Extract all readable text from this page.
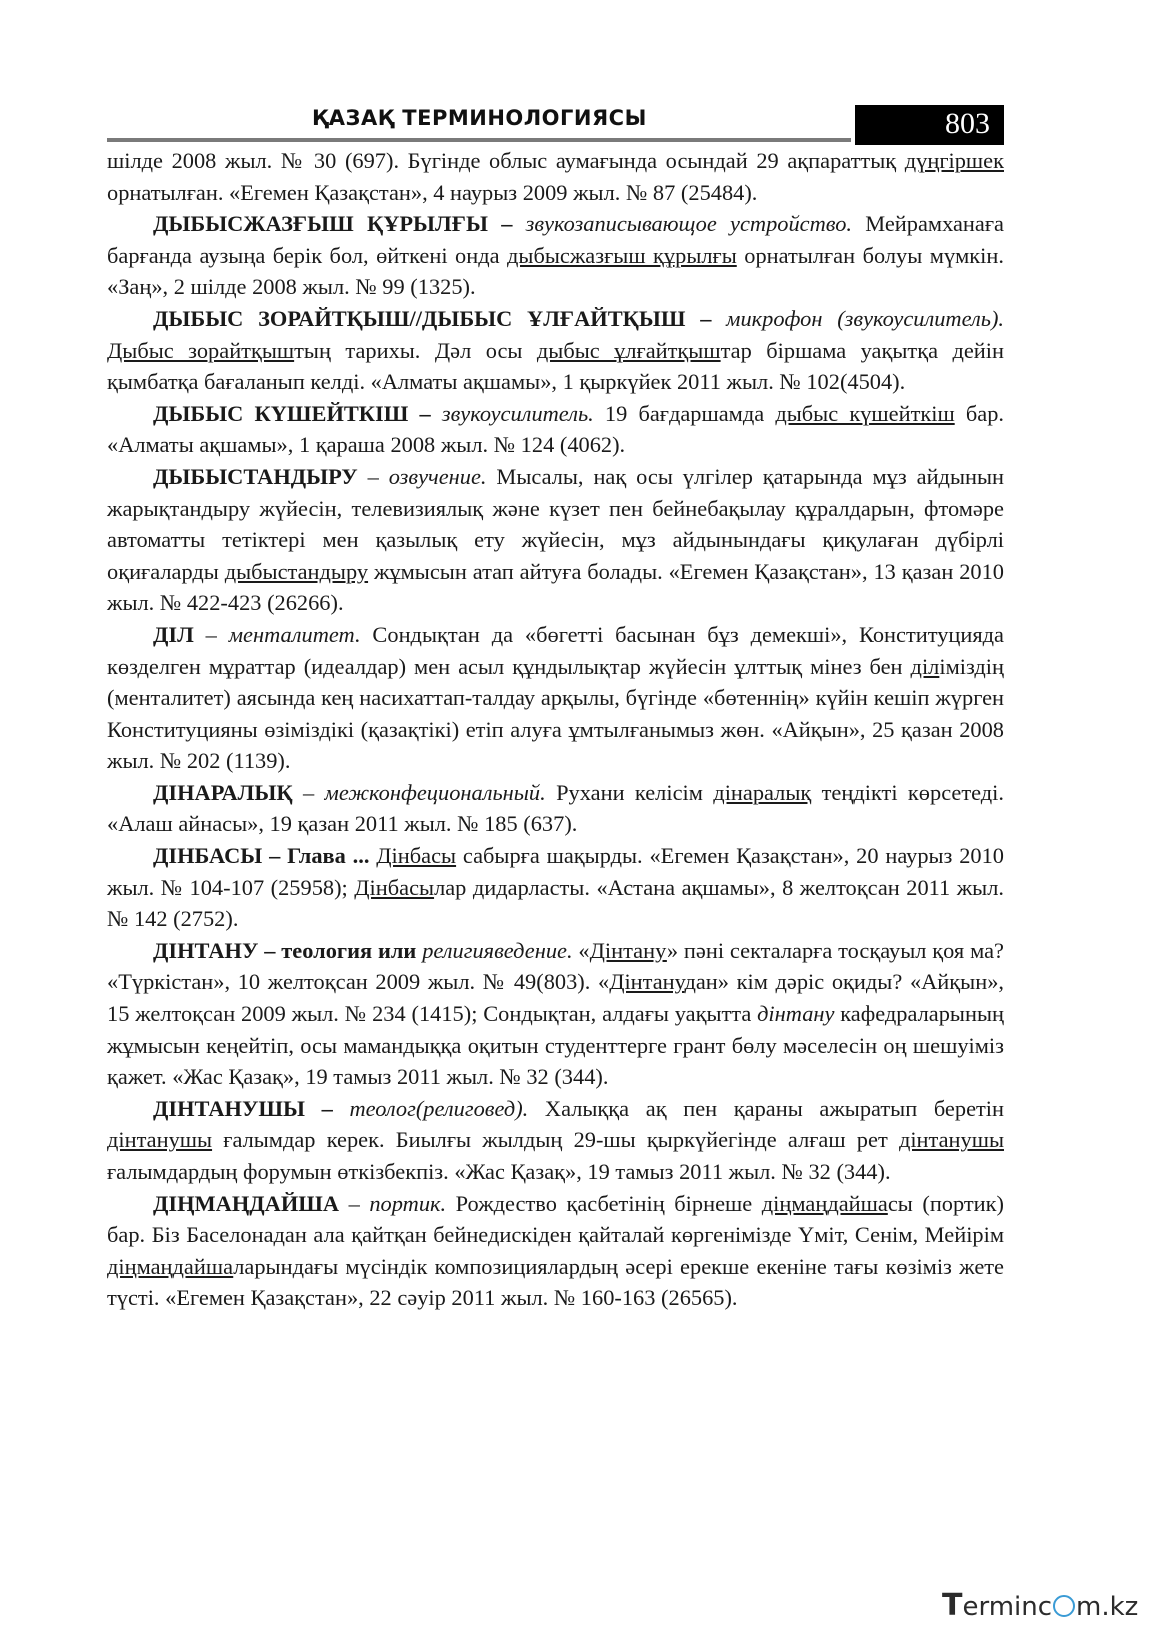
ҚАЗАҚ ТЕРМИНОЛОГИЯСЫ	803

шілде 2008 жыл. № 30 (697). Бүгінде облыс аумағында осындай 29 ақпараттық дүңгіршек орнатылған. «Егемен Қазақстан», 4 наурыз 2009 жыл. № 87 (25484).

ДЫБЫСЖАЗҒЫШ ҚҰРЫЛҒЫ – звукозаписывающое устройство. Мейрамханаға барғанда аузыңа берік бол, өйткені онда дыбысжазғыш құрылғы орнатылған болуы мүмкін. «Заң», 2 шілде 2008 жыл. № 99 (1325).

ДЫБЫС ЗОРАЙТҚЫШ//ДЫБЫС ҰЛҒАЙТҚЫШ – микрофон (звукоусилитель). Дыбыс зорайтқыштың тарихы. Дәл осы дыбыс ұлғайтқыштар біршама уақытқа дейін қымбатқа бағаланып келді. «Алматы ақшамы», 1 қыркүйек 2011 жыл. № 102(4504).

ДЫБЫС КҮШЕЙТКІШ – звукоусилитель. 19 бағдаршамда дыбыс күшейткіш бар. «Алматы ақшамы», 1 қараша 2008 жыл. № 124 (4062).

ДЫБЫСТАНДЫРУ – озвучение. Мысалы, нақ осы үлгілер қатарында мұз айдынын жарықтандыру жүйесін, телевизиялық және күзет пен бейнебақылау құралдарын, фтомәре автоматты тетіктері мен қазылық ету жүйесін, мұз айдынындағы қиқулаған дүбірлі оқиғаларды дыбыстандыру жұмысын атап айтуға болады. «Егемен Қазақстан», 13 қазан 2010 жыл. № 422-423 (26266).

ДІЛ – менталитет. Сондықтан да «бөгетті басынан бұз демекші», Конституцияда көзделген мұраттар (идеалдар) мен асыл құндылықтар жүйесін ұлттық мінез бен діліміздің (менталитет) аясында кең насихаттап-талдау арқылы, бүгінде «бөтеннің» күйін кешіп жүрген Конституцияны өзіміздікі (қазақтікі) етіп алуға ұмтылғанымыз жөн. «Айқын», 25 қазан 2008 жыл. № 202 (1139).

ДІНАРАЛЫҚ – межконфециональный. Рухани келісім дінаралық теңдікті көрсетеді. «Алаш айнасы», 19 қазан 2011 жыл. № 185 (637).

ДІНБАСЫ – Глава ... Дінбасы сабырға шақырды. «Егемен Қазақстан», 20 наурыз 2010 жыл. № 104-107 (25958); Дінбасылар дидарласты. «Астана ақшамы», 8 желтоқсан 2011 жыл. № 142 (2752).

ДІНТАНУ – теология или религияведение. «Дінтану» пәні секталарға тосқауыл қоя ма? «Түркістан», 10 желтоқсан 2009 жыл. № 49(803). «Дінтанудан» кім дәріс оқиды? «Айқын», 15 желтоқсан 2009 жыл. № 234 (1415); Сондықтан, алдағы уақытта дінтану кафедраларының жұмысын кеңейтіп, осы мамандыққа оқитын студенттерге грант бөлу мәселесін оң шешуіміз қажет. «Жас Қазақ», 19 тамыз 2011 жыл. № 32 (344).

ДІНТАНУШЫ – теолог(религовед). Халыққа ақ пен қараны ажыратып беретін дінтанушы ғалымдар керек. Биылғы жылдың 29-шы қыркүйегінде алғаш рет дінтанушы ғалымдардың форумын өткізбекпіз. «Жас Қазақ», 19 тамыз 2011 жыл. № 32 (344).

ДІҢМАҢДАЙША – портик. Рождество қасбетінің бірнеше діңмаңдайшасы (портик) бар. Біз Баселонадан ала қайтқан бейнедискіден қайталай көргенімізде Үміт, Сенім, Мейірім діңмаңдайшаларындағы мүсіндік композициялардың әсері ерекше екеніне тағы көзіміз жете түсті. «Егемен Қазақстан», 22 сәуір 2011 жыл. № 160-163 (26565).

Terminc m.kz
